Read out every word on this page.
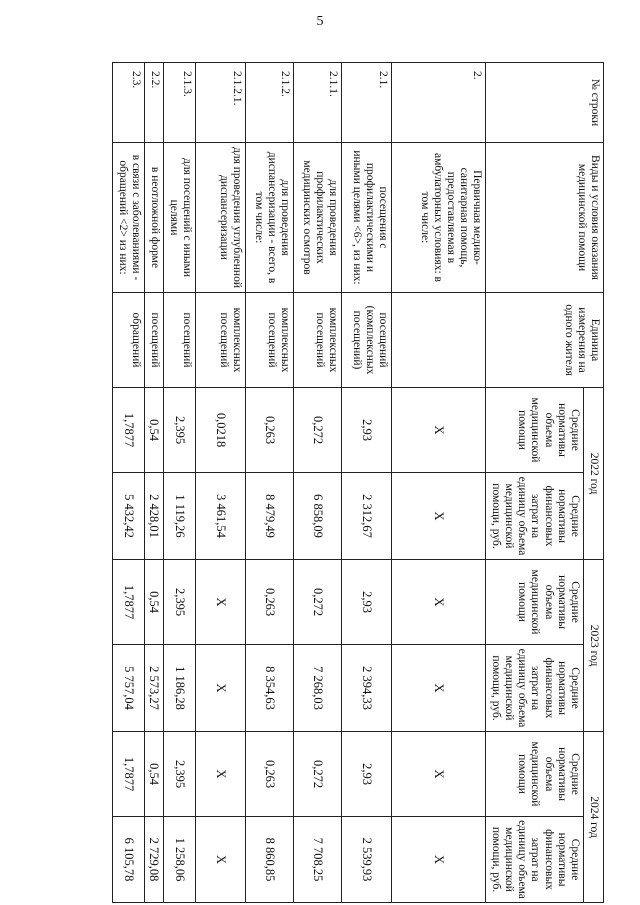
5
№ строки	Виды и условия оказания медицинской помощи	Единица измерения на одного жителя	2022 год		2023 год		2024 год	
			Средние нормативы объема медицинской помощи	Средние нормативы финансовых затрат на единицу объема медицинской помощи, руб.	Средние нормативы объема медицинской помощи	Средние нормативы финансовых затрат на единицу объема медицинской помощи, руб.	Средние нормативы объема медицинской помощи	Средние нормативы финансовых затрат на единицу объема медицинской помощи, руб.
2.	Первичная медико-санитарная помощь, предоставляемая в амбулаторных условиях: в том числе:		Х	Х	Х	Х	Х	Х
2.1.	посещения с профилактическими и иными целями <6>, из них:	посещений (комплексных посещений)	2,93	2 312,67	2,93	2 394,33	2,93	2 539,93
2.1.1.	для проведения профилактических медицинских осмотров	комплексных посещений	0,272	6 858,09	0,272	7 268,03	0,272	7 708,25
2.1.2.	для проведения диспансеризации - всего, в том числе:	комплексных посещений	0,263	8 479,49	0,263	8 354,63	0,263	8 860,85
2.1.2.1.	для проведения углубленной диспансеризации	комплексных посещений	0,0218	3 461,54	Х	Х	Х	Х
2.1.3.	для посещений с иными целями	посещений	2,395	1 119,26	2,395	1 186,28	2,395	1 258,06
2.2.	в неотложной форме	посещений	0,54	2 428,01	0,54	2 573,27	0,54	2 729,08
2.3.	в связи с заболеваниями - обращений <2> из них:	обращений	1,7877	5 432,42	1,7877	5 757,04	1,7877	6 105,78
